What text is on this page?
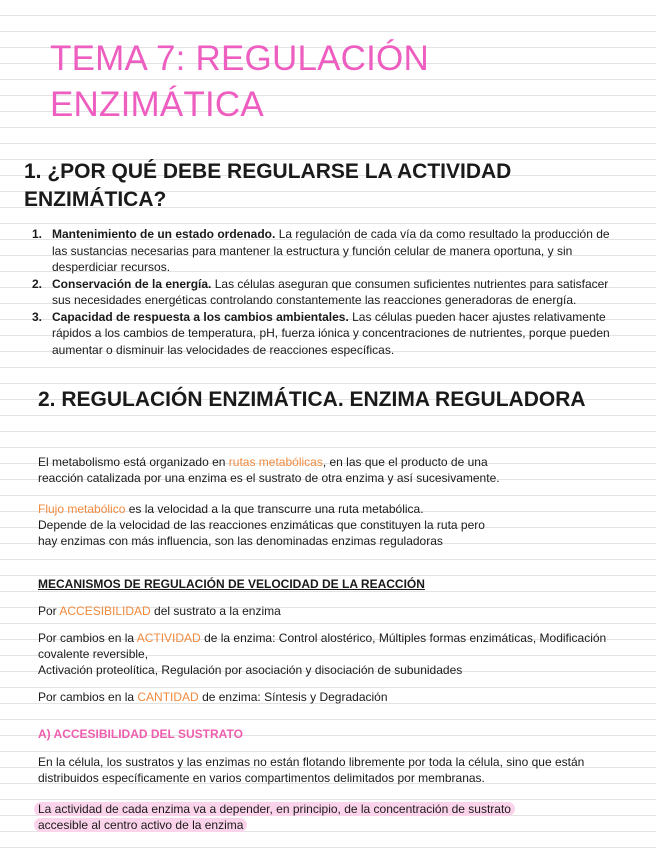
TEMA 7: REGULACIÓN ENZIMÁTICA
1. ¿POR QUÉ DEBE REGULARSE LA ACTIVIDAD ENZIMÁTICA?
1. Mantenimiento de un estado ordenado. La regulación de cada vía da como resultado la producción de las sustancias necesarias para mantener la estructura y función celular de manera oportuna, y sin desperdiciar recursos.
2. Conservación de la energía. Las células aseguran que consumen suficientes nutrientes para satisfacer sus necesidades energéticas controlando constantemente las reacciones generadoras de energía.
3. Capacidad de respuesta a los cambios ambientales. Las células pueden hacer ajustes relativamente rápidos a los cambios de temperatura, pH, fuerza iónica y concentraciones de nutrientes, porque pueden aumentar o disminuir las velocidades de reacciones específicas.
2. REGULACIÓN ENZIMÁTICA. ENZIMA REGULADORA

El metabolismo está organizado en rutas metabólicas, en las que el producto de una reacción catalizada por una enzima es el sustrato de otra enzima y así sucesivamente.

Flujo metabólico es la velocidad a la que transcurre una ruta metabólica.

Depende de la velocidad de las reacciones enzimáticas que constituyen la ruta pero hay enzimas con más influencia, son las denominadas enzimas reguladoras

MECANISMOS DE REGULACIÓN DE VELOCIDAD DE LA REACCIÓN

Por ACCESIBILIDAD del sustrato a la enzima

Por cambios en la ACTIVIDAD de la enzima: Control alostérico, Múltiples formas enzimáticas, Modificación covalente reversible,
Activación proteolítica, Regulación por asociación y disociación de subunidades

Por cambios en la CANTIDAD de enzima: Síntesis y Degradación

A) ACCESIBILIDAD DEL SUSTRATO

En la célula, los sustratos y las enzimas no están flotando libremente por toda la célula, sino que están distribuidos específicamente en varios compartimentos delimitados por membranas.

La actividad de cada enzima va a depender, en principio, de la concentración de sustrato
accesible al centro activo de la enzima
